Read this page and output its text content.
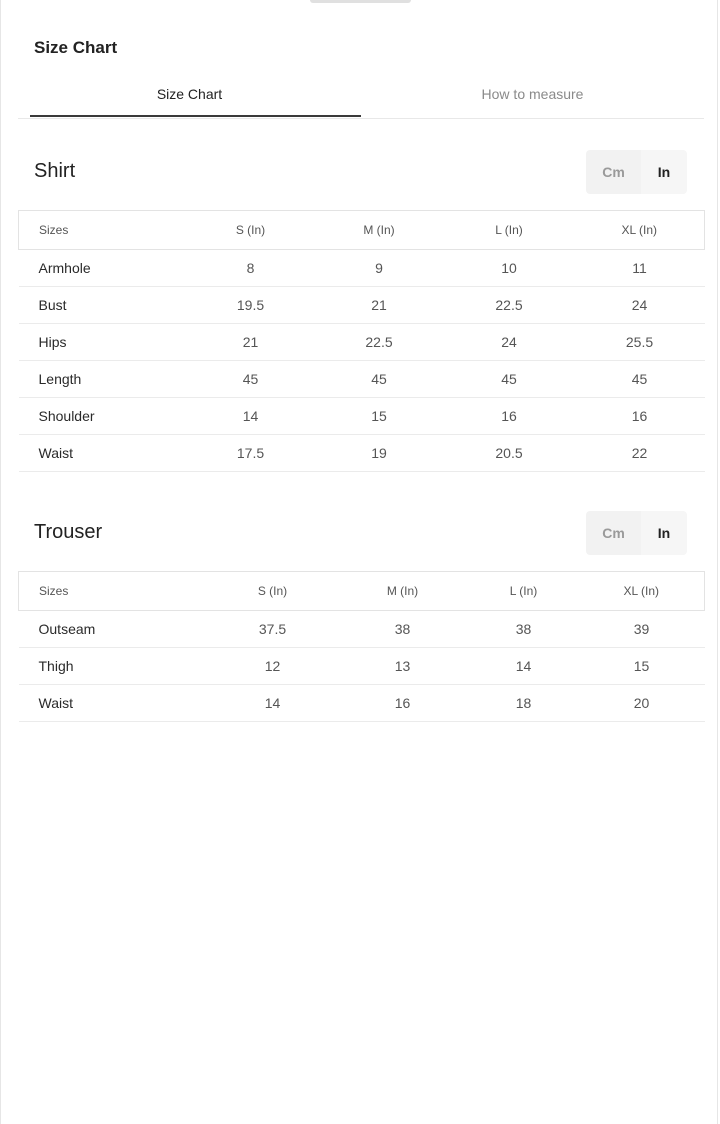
Size Chart
Size Chart	How to measure
Shirt	Cm	In
Sizes	S (In)	M (In)	L (In)	XL (In)
Armhole	8	9	10	11
Bust	19.5	21	22.5	24
Hips	21	22.5	24	25.5
Length	45	45	45	45
Shoulder	14	15	16	16
Waist	17.5	19	20.5	22
Trouser	Cm	In
Sizes	S (In)	M (In)	L (In)	XL (In)
Outseam	37.5	38	38	39
Thigh	12	13	14	15
Waist	14	16	18	20
